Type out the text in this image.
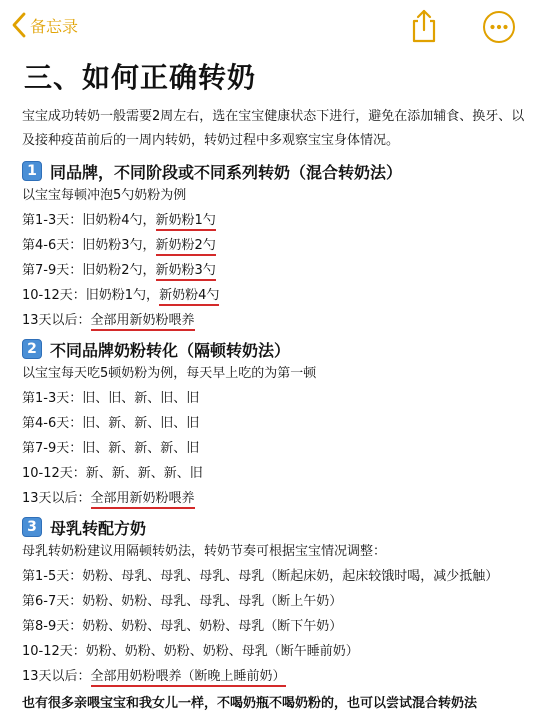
备忘录
三、如何正确转奶

宝宝成功转奶一般需要2周左右，选在宝宝健康状态下进行，避免在添加辅食、换牙、以及接种疫苗前后的一周内转奶，转奶过程中多观察宝宝身体情况。

1 同品牌，不同阶段或不同系列转奶（混合转奶法）
以宝宝每顿冲泡5勺奶粉为例
第1-3天：旧奶粉4勺，新奶粉1勺
第4-6天：旧奶粉3勺，新奶粉2勺
第7-9天：旧奶粉2勺，新奶粉3勺
10-12天：旧奶粉1勺，新奶粉4勺
13天以后：全部用新奶粉喂养
2 不同品牌奶粉转化（隔顿转奶法）
以宝宝每天吃5顿奶粉为例，每天早上吃的为第一顿
第1-3天：旧、旧、新、旧、旧
第4-6天：旧、新、新、旧、旧
第7-9天：旧、新、新、新、旧
10-12天：新、新、新、新、旧
13天以后：全部用新奶粉喂养
3 母乳转配方奶
母乳转奶粉建议用隔顿转奶法，转奶节奏可根据宝宝情况调整：
第1-5天：奶粉、母乳、母乳、母乳、母乳（断起床奶，起床较饿时喝，减少抵触）
第6-7天：奶粉、奶粉、母乳、母乳、母乳（断上午奶）
第8-9天：奶粉、奶粉、母乳、奶粉、母乳（断下午奶）
10-12天：奶粉、奶粉、奶粉、奶粉、母乳（断午睡前奶）
13天以后：全部用奶粉喂养（断晚上睡前奶）
也有很多亲喂宝宝和我女儿一样，不喝奶瓶不喝奶粉的，也可以尝试混合转奶法
